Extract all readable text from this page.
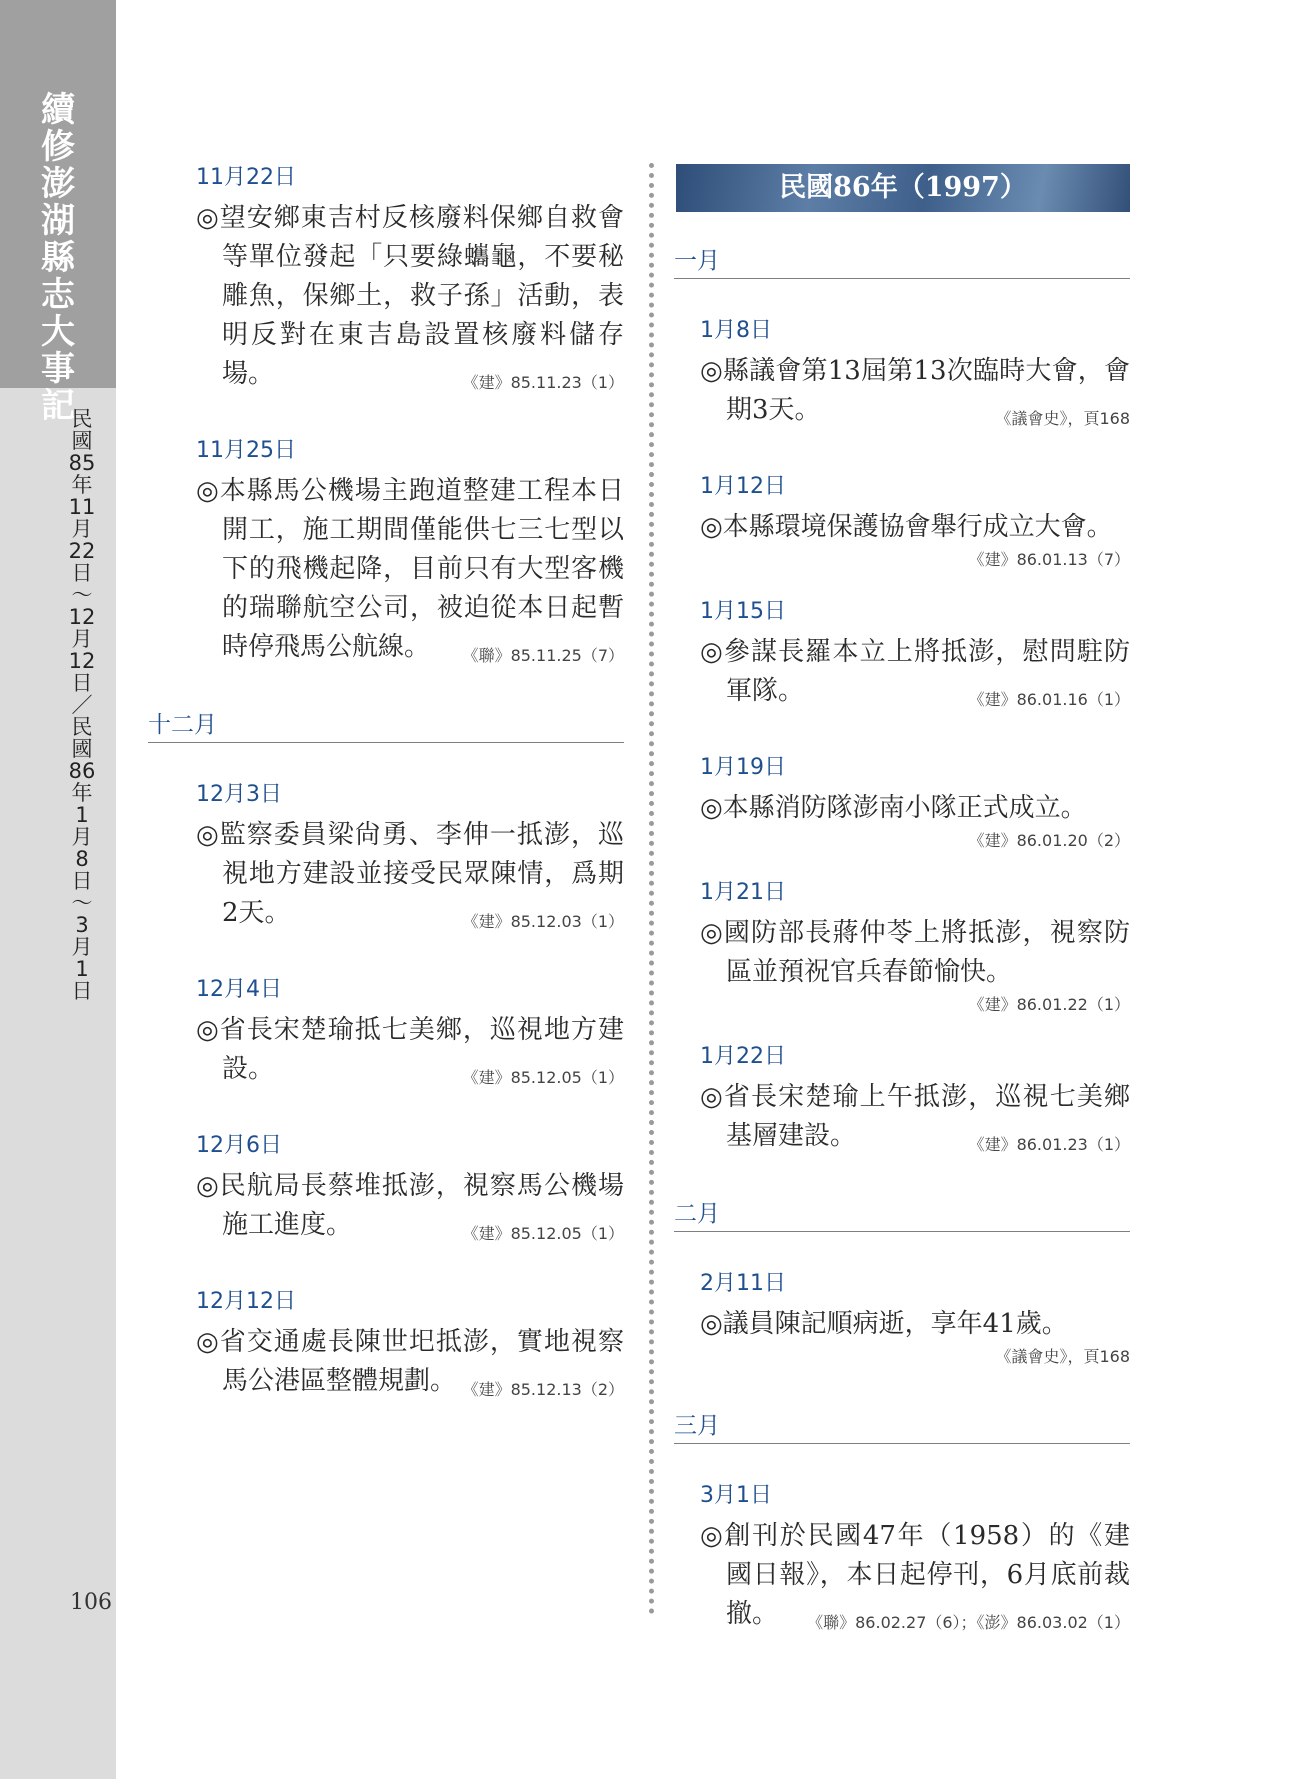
續修澎湖縣志 大事記
民國85年11月22日～12月12日／民國86年1月8日～3月1日
106
11月22日
◎望安鄉東吉村反核廢料保鄉自救會等單位發起「只要綠蠵龜，不要秘雕魚，保鄉土，救子孫」活動，表明反對在東吉島設置核廢料儲存場。	《建》85.11.23（1）
11月25日
◎本縣馬公機場主跑道整建工程本日開工，施工期間僅能供七三七型以下的飛機起降，目前只有大型客機的瑞聯航空公司，被迫從本日起暫時停飛馬公航線。	《聯》85.11.25（7）
十二月
12月3日
◎監察委員梁尙勇、李伸一抵澎，巡視地方建設並接受民眾陳情，爲期2天。	《建》85.12.03（1）
12月4日
◎省長宋楚瑜抵七美鄉，巡視地方建設。	《建》85.12.05（1）
12月6日
◎民航局長蔡堆抵澎，視察馬公機場施工進度。	《建》85.12.05（1）
12月12日
◎省交通處長陳世圯抵澎，實地視察馬公港區整體規劃。 《建》85.12.13（2）
民國86年（1997）
一月
1月8日
◎縣議會第13屆第13次臨時大會，會期3天。	《議會史》，頁168
1月12日
◎本縣環境保護協會舉行成立大會。
《建》86.01.13（7）
1月15日
◎參謀長羅本立上將抵澎，慰問駐防軍隊。	《建》86.01.16（1）
1月19日
◎本縣消防隊澎南小隊正式成立。
《建》86.01.20（2）
1月21日
◎國防部長蔣仲苓上將抵澎，視察防區並預祝官兵春節愉快。
《建》86.01.22（1）
1月22日
◎省長宋楚瑜上午抵澎，巡視七美鄉基層建設。	《建》86.01.23（1）
二月
2月11日
◎議員陳記順病逝，享年41歲。
《議會史》，頁168
三月
3月1日
◎創刊於民國47年（1958）的《建國日報》，本日起停刊，6月底前裁撤。	《聯》86.02.27（6）；《澎》86.03.02（1）
